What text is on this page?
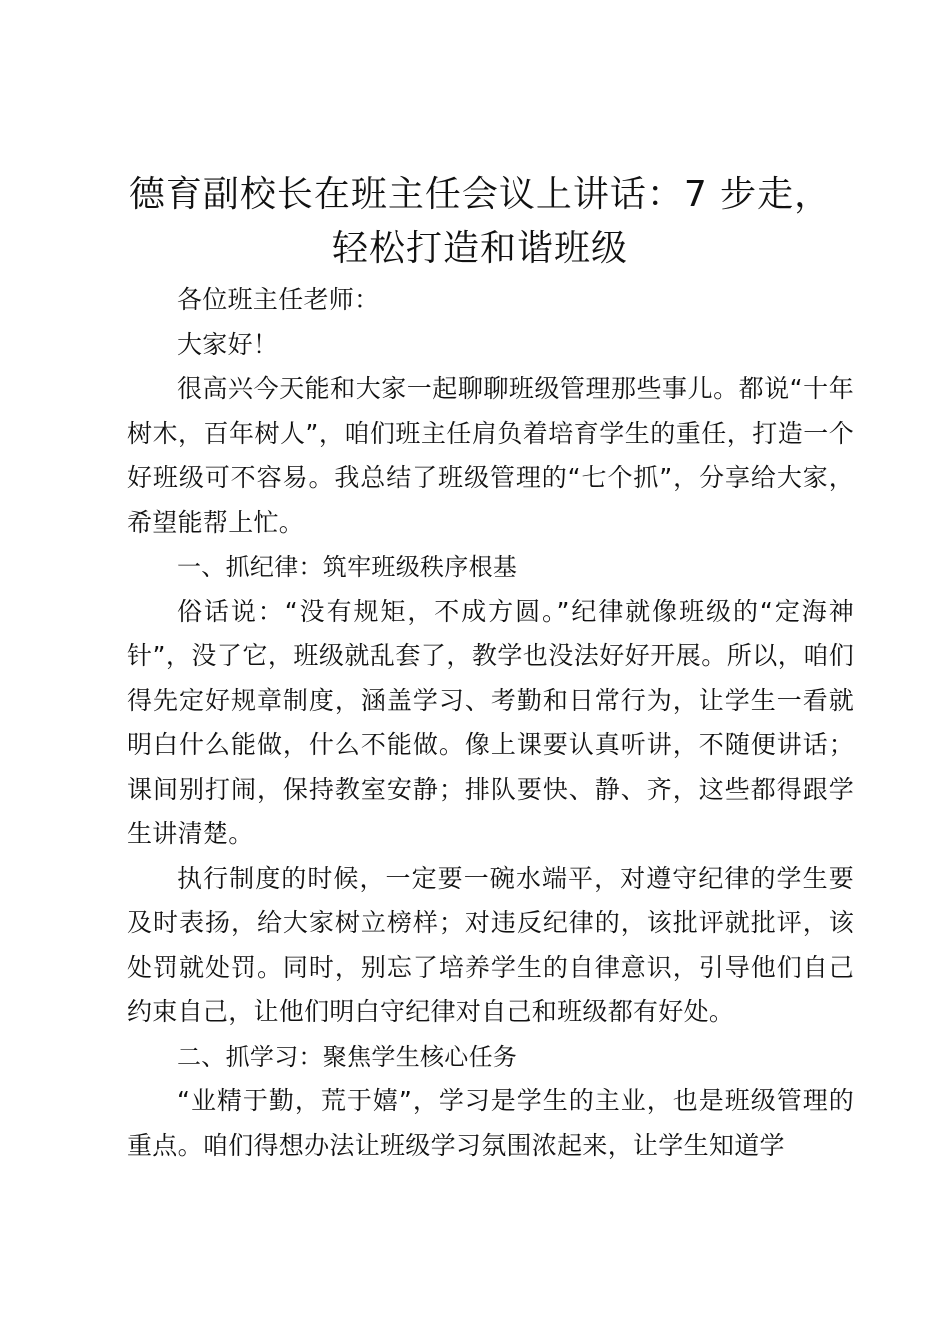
德育副校长在班主任会议上讲话：7 步走，轻松打造和谐班级

各位班主任老师：

大家好！

很高兴今天能和大家一起聊聊班级管理那些事儿。都说“十年树木，百年树人”，咱们班主任肩负着培育学生的重任，打造一个好班级可不容易。我总结了班级管理的“七个抓”，分享给大家，希望能帮上忙。

一、抓纪律：筑牢班级秩序根基

俗话说：“没有规矩，不成方圆。”纪律就像班级的“定海神针”，没了它，班级就乱套了，教学也没法好好开展。所以，咱们得先定好规章制度，涵盖学习、考勤和日常行为，让学生一看就明白什么能做，什么不能做。像上课要认真听讲，不随便讲话；课间别打闹，保持教室安静；排队要快、静、齐，这些都得跟学生讲清楚。

执行制度的时候，一定要一碗水端平，对遵守纪律的学生要及时表扬，给大家树立榜样；对违反纪律的，该批评就批评，该处罚就处罚。同时，别忘了培养学生的自律意识，引导他们自己约束自己，让他们明白守纪律对自己和班级都有好处。

二、抓学习：聚焦学生核心任务

“业精于勤，荒于嬉”，学习是学生的主业，也是班级管理的重点。咱们得想办法让班级学习氛围浓起来，让学生知道学
